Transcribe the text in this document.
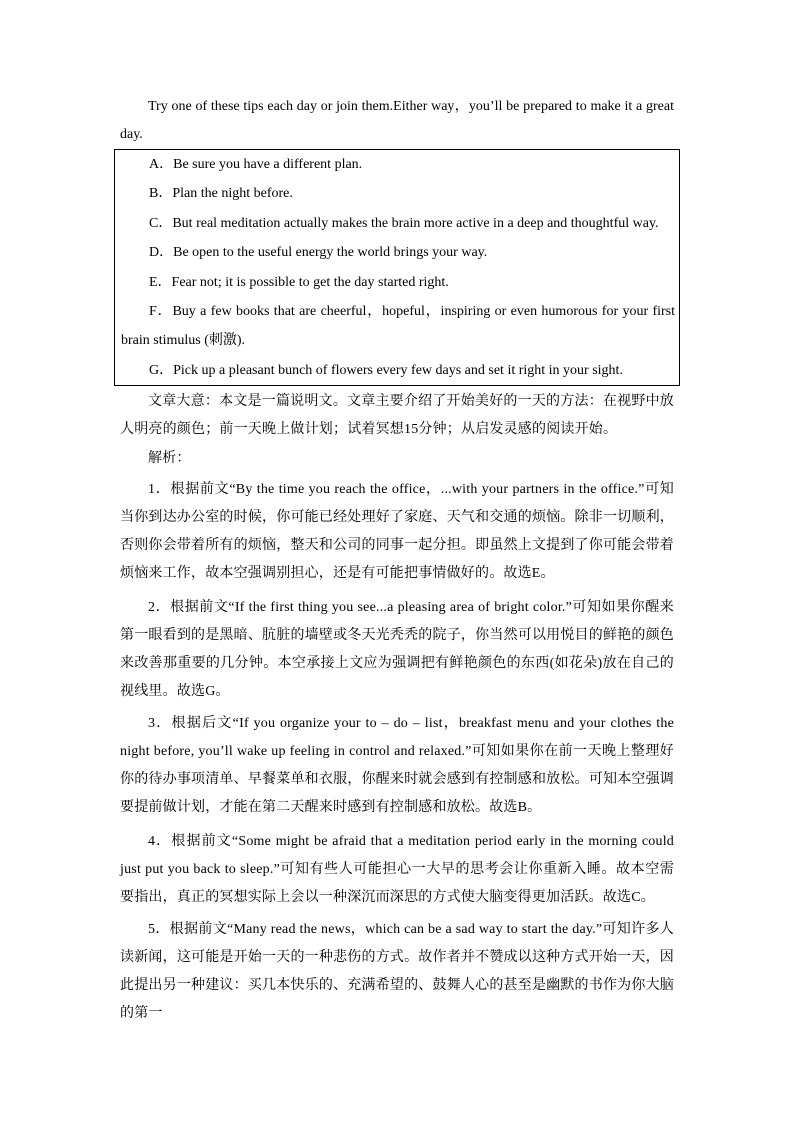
Try one of these tips each day or join them.Either way，you’ll be prepared to make it a great day.

A．Be sure you have a different plan.

B．Plan the night before.

C．But real meditation actually makes the brain more active in a deep and thoughtful way.

D．Be open to the useful energy the world brings your way.

E．Fear not; it is possible to get the day started right.

F．Buy a few books that are cheerful，hopeful，inspiring or even humorous for your first brain stimulus (刺激).

G．Pick up a pleasant bunch of flowers every few days and set it right in your sight.

文章大意：本文是一篇说明文。文章主要介绍了开始美好的一天的方法：在视野中放人明亮的颜色；前一天晚上做计划；试着冥想15分钟；从启发灵感的阅读开始。

解析：

1．根据前文“By the time you reach the office，...with your partners in the office.”可知当你到达办公室的时候，你可能已经处理好了家庭、天气和交通的烦恼。除非一切顺利，否则你会带着所有的烦恼，整天和公司的同事一起分担。即虽然上文提到了你可能会带着烦恼来工作，故本空强调别担心，还是有可能把事情做好的。故选E。

2．根据前文“If the first thing you see...a pleasing area of bright color.”可知如果你醒来第一眼看到的是黑暗、肮脏的墙壁或冬天光秃秃的院子，你当然可以用悦目的鲜艳的颜色来改善那重要的几分钟。本空承接上文应为强调把有鲜艳颜色的东西(如花朵)放在自己的视线里。故选G。

3．根据后文“If you organize your to – do – list，breakfast menu and your clothes the night before, you’ll wake up feeling in control and relaxed.”可知如果你在前一天晚上整理好你的待办事项清单、早餐菜单和衣服，你醒来时就会感到有控制感和放松。可知本空强调要提前做计划，才能在第二天醒来时感到有控制感和放松。故选B。

4．根据前文“Some might be afraid that a meditation period early in the morning could just put you back to sleep.”可知有些人可能担心一大早的思考会让你重新入睡。故本空需要指出，真正的冥想实际上会以一种深沉而深思的方式使大脑变得更加活跃。故选C。

5．根据前文“Many read the news，which can be a sad way to start the day.”可知许多人读新闻，这可能是开始一天的一种悲伤的方式。故作者并不赞成以这种方式开始一天，因此提出另一种建议：买几本快乐的、充满希望的、鼓舞人心的甚至是幽默的书作为你大脑的第一
